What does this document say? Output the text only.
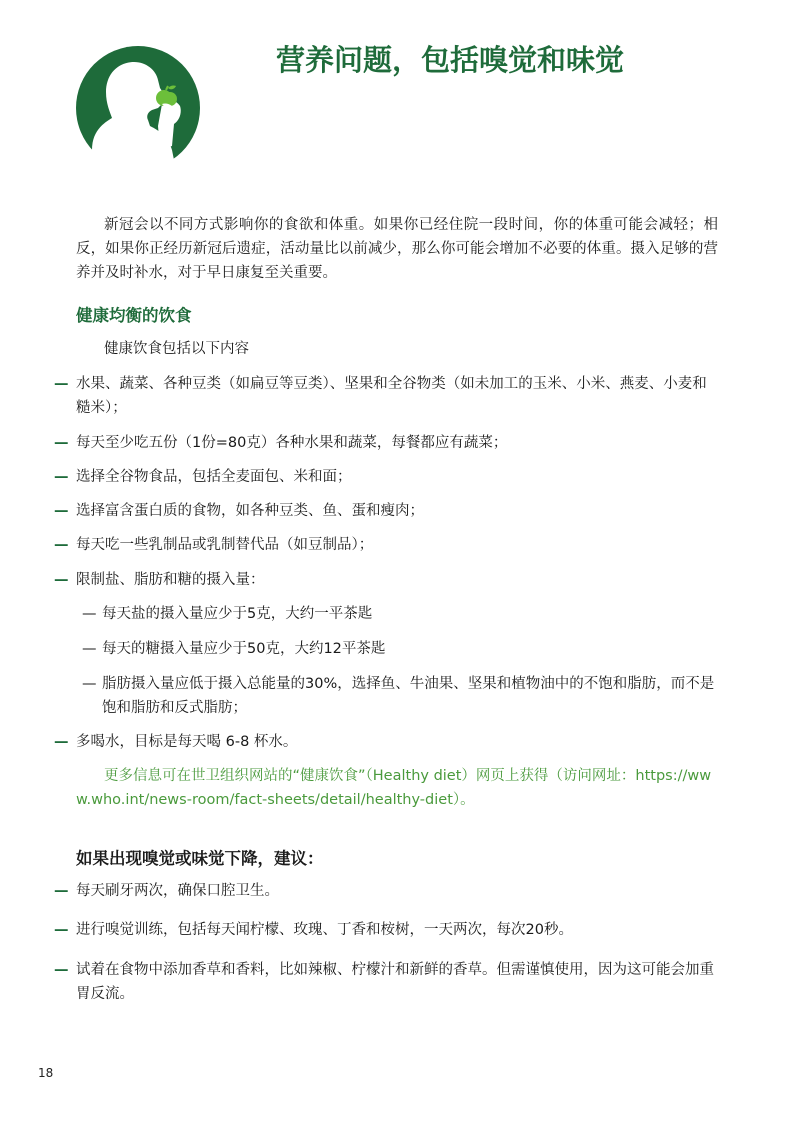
营养问题，包括嗅觉和味觉

新冠会以不同方式影响你的食欲和体重。如果你已经住院一段时间，你的体重可能会减轻；相反，如果你正经历新冠后遗症，活动量比以前减少，那么你可能会增加不必要的体重。摄入足够的营养并及时补水，对于早日康复至关重要。

健康均衡的饮食

健康饮食包括以下内容

— 水果、蔬菜、各种豆类（如扁豆等豆类）、坚果和全谷物类（如未加工的玉米、小米、燕麦、小麦和糙米）；
— 每天至少吃五份（1份=80克）各种水果和蔬菜，每餐都应有蔬菜；
— 选择全谷物食品，包括全麦面包、米和面；
— 选择富含蛋白质的食物，如各种豆类、鱼、蛋和瘦肉；
— 每天吃一些乳制品或乳制替代品（如豆制品）；
— 限制盐、脂肪和糖的摄入量：
— 每天盐的摄入量应少于5克，大约一平茶匙
— 每天的糖摄入量应少于50克，大约12平茶匙
— 脂肪摄入量应低于摄入总能量的30%，选择鱼、牛油果、坚果和植物油中的不饱和脂肪，而不是饱和脂肪和反式脂肪；
— 多喝水，目标是每天喝 6-8 杯水。

更多信息可在世卫组织网站的“健康饮食”（Healthy diet）网页上获得（访问网址：https://www.who.int/news-room/fact-sheets/detail/healthy-diet）。

如果出现嗅觉或味觉下降，建议：
— 每天刷牙两次，确保口腔卫生。
— 进行嗅觉训练，包括每天闻柠檬、玫瑰、丁香和桉树，一天两次，每次20秒。
— 试着在食物中添加香草和香料，比如辣椒、柠檬汁和新鲜的香草。但需谨慎使用，因为这可能会加重胃反流。
18
